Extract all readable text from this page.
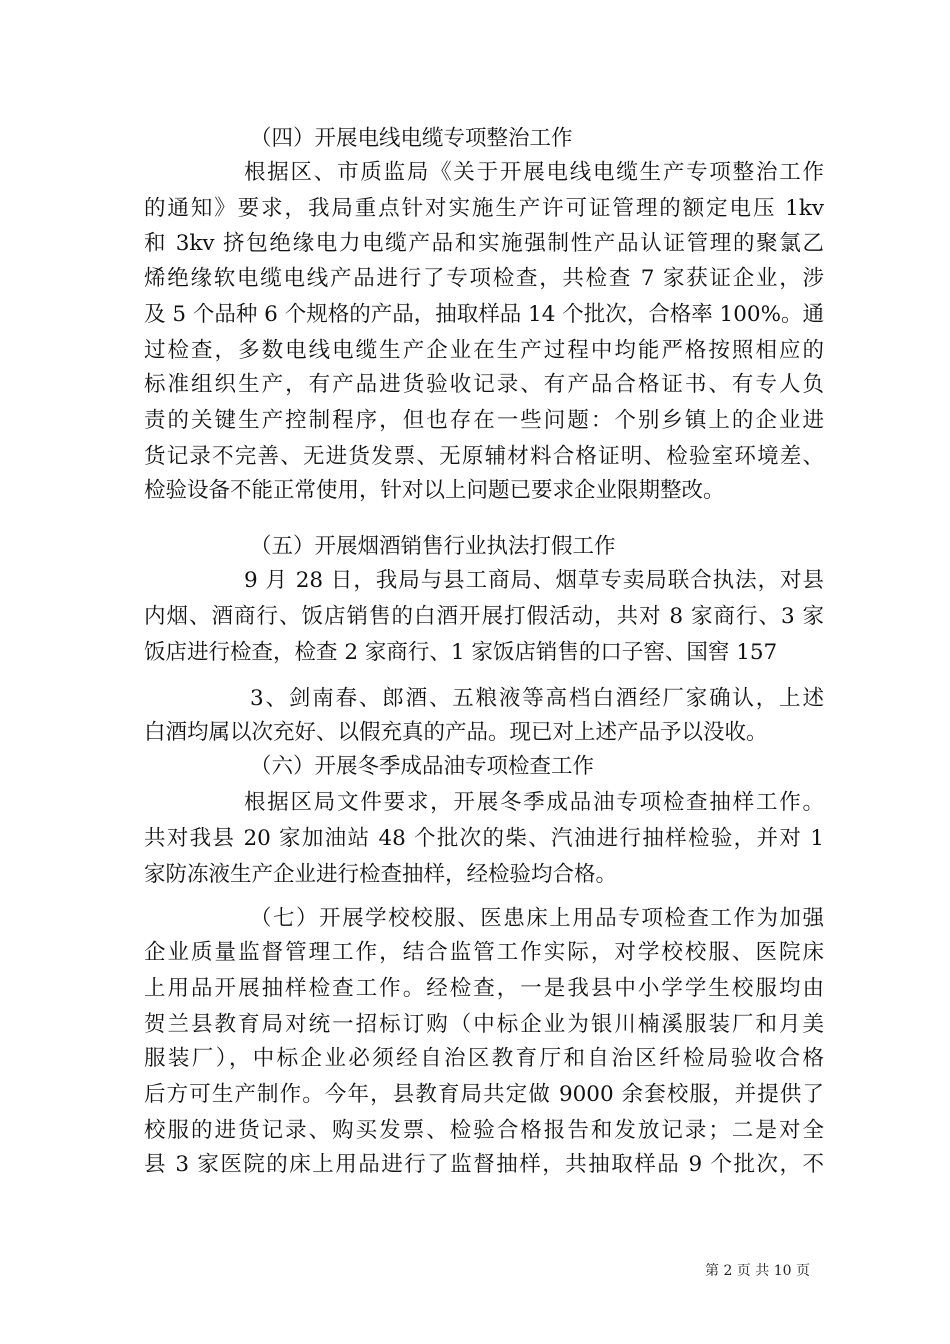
（四）开展电线电缆专项整治工作
根据区、市质监局《关于开展电线电缆生产专项整治工作
的通知》要求，我局重点针对实施生产许可证管理的额定电压 1kv
和 3kv 挤包绝缘电力电缆产品和实施强制性产品认证管理的聚氯乙
烯绝缘软电缆电线产品进行了专项检查，共检查 7 家获证企业，涉
及 5 个品种 6 个规格的产品，抽取样品 14 个批次，合格率 100%。通
过检查，多数电线电缆生产企业在生产过程中均能严格按照相应的
标准组织生产，有产品进货验收记录、有产品合格证书、有专人负
责的关键生产控制程序，但也存在一些问题：个别乡镇上的企业进
货记录不完善、无进货发票、无原辅材料合格证明、检验室环境差、
检验设备不能正常使用，针对以上问题已要求企业限期整改。
（五）开展烟酒销售行业执法打假工作
9 月 28 日，我局与县工商局、烟草专卖局联合执法，对县
内烟、酒商行、饭店销售的白酒开展打假活动，共对 8 家商行、3 家
饭店进行检查，检查 2 家商行、1 家饭店销售的口子窖、国窖 157
3、剑南春、郎酒、五粮液等高档白酒经厂家确认，上述
白酒均属以次充好、以假充真的产品。现已对上述产品予以没收。
（六）开展冬季成品油专项检查工作
根据区局文件要求，开展冬季成品油专项检查抽样工作。
共对我县 20 家加油站 48 个批次的柴、汽油进行抽样检验，并对 1
家防冻液生产企业进行检查抽样，经检验均合格。
（七）开展学校校服、医患床上用品专项检查工作为加强
企业质量监督管理工作，结合监管工作实际，对学校校服、医院床
上用品开展抽样检查工作。经检查，一是我县中小学学生校服均由
贺兰县教育局对统一招标订购（中标企业为银川楠溪服装厂和月美
服装厂），中标企业必须经自治区教育厅和自治区纤检局验收合格
后方可生产制作。今年，县教育局共定做 9000 余套校服，并提供了
校服的进货记录、购买发票、检验合格报告和发放记录；二是对全
县 3 家医院的床上用品进行了监督抽样，共抽取样品 9 个批次，不
第 2 页 共 10 页
